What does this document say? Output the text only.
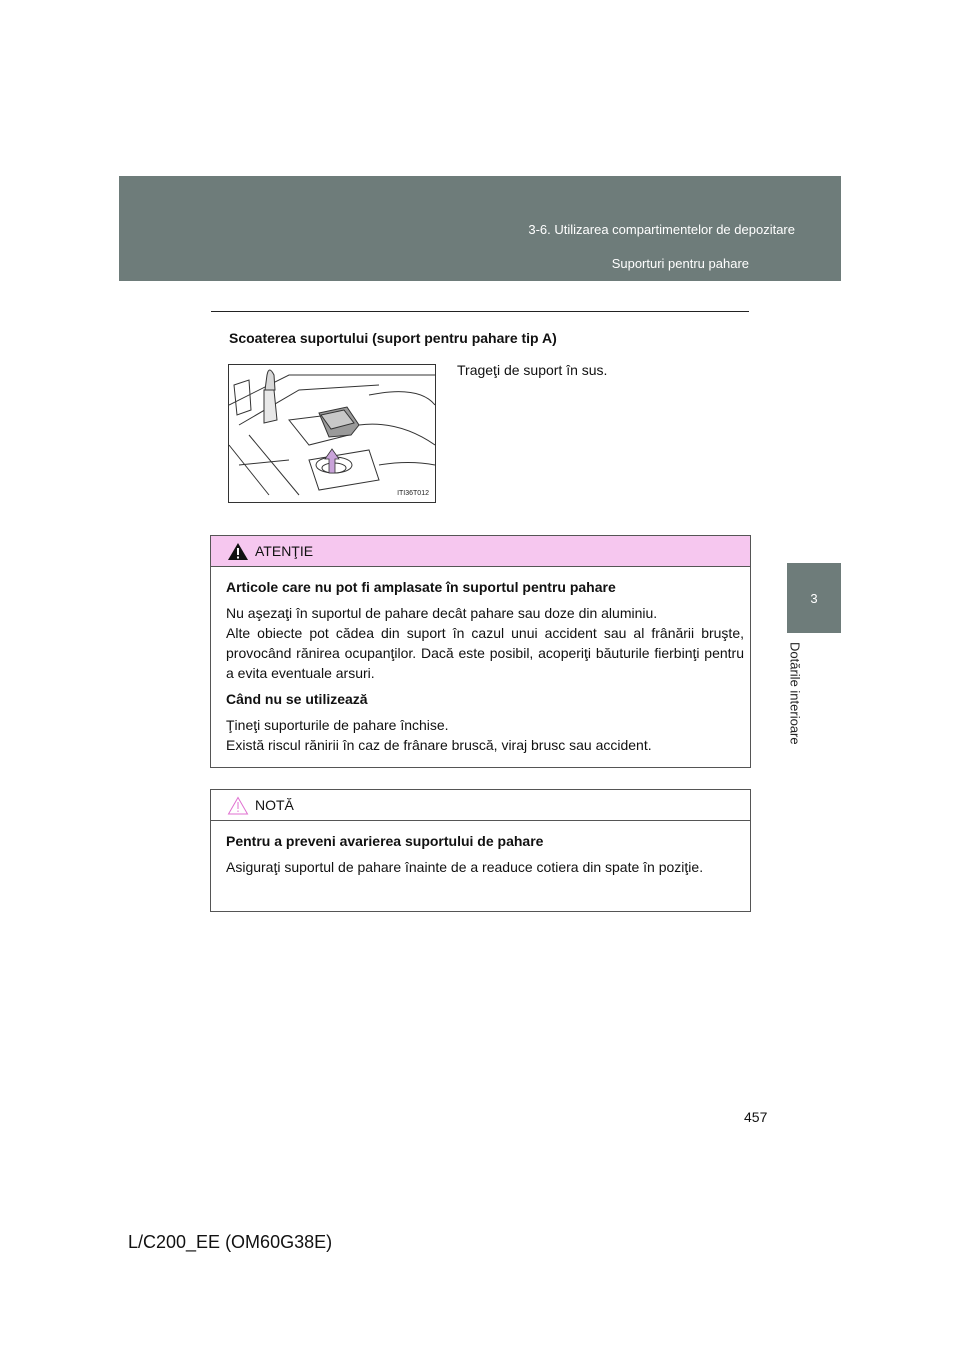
3-6. Utilizarea compartimentelor de depozitare
Suporturi pentru pahare
3
Dotările interioare
Scoaterea suportului (suport pentru pahare tip A)
ITI36T012
Trageţi de suport în sus.
ATENŢIE

Articole care nu pot fi amplasate în suportul pentru pahare

Nu aşezaţi în suportul de pahare decât pahare sau doze din aluminiu.
Alte obiecte pot cădea din suport în cazul unui accident sau al frânării bruşte, provocând rănirea ocupanţilor. Dacă este posibil, acoperiţi băuturile fierbinţi pentru a evita eventuale arsuri.

Când nu se utilizează

Ţineţi suporturile de pahare închise.
Există riscul rănirii în caz de frânare bruscă, viraj brusc sau accident.

NOTĂ

Pentru a preveni avarierea suportului de pahare

Asiguraţi suportul de pahare înainte de a readuce cotiera din spate în poziţie.

457
L/C200_EE (OM60G38E)
